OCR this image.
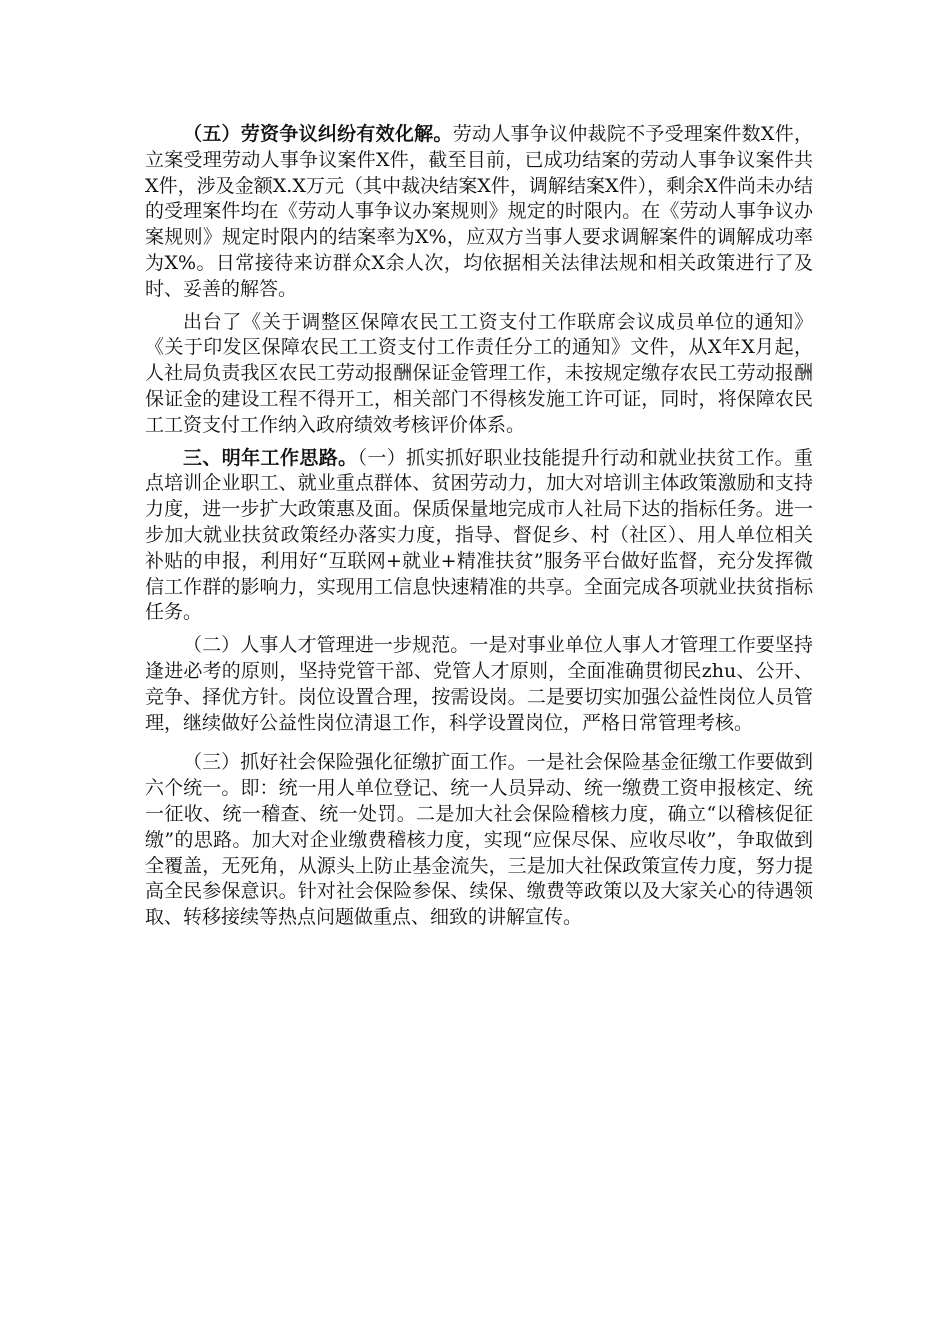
（五）劳资争议纠纷有效化解。劳动人事争议仲裁院不予受理案件数X件，立案受理劳动人事争议案件X件，截至目前，已成功结案的劳动人事争议案件共X件，涉及金额X.X万元（其中裁决结案X件，调解结案X件），剩余X件尚未办结的受理案件均在《劳动人事争议办案规则》规定的时限内。在《劳动人事争议办案规则》规定时限内的结案率为X%，应双方当事人要求调解案件的调解成功率为X%。日常接待来访群众X余人次，均依据相关法律法规和相关政策进行了及时、妥善的解答。

出台了《关于调整区保障农民工工资支付工作联席会议成员单位的通知》《关于印发区保障农民工工资支付工作责任分工的通知》文件，从X年X月起，人社局负责我区农民工劳动报酬保证金管理工作，未按规定缴存农民工劳动报酬保证金的建设工程不得开工，相关部门不得核发施工许可证，同时，将保障农民工工资支付工作纳入政府绩效考核评价体系。

三、明年工作思路。（一）抓实抓好职业技能提升行动和就业扶贫工作。重点培训企业职工、就业重点群体、贫困劳动力，加大对培训主体政策激励和支持力度，进一步扩大政策惠及面。保质保量地完成市人社局下达的指标任务。进一步加大就业扶贫政策经办落实力度，指导、督促乡、村（社区）、用人单位相关补贴的申报，利用好“互联网+就业+精准扶贫”服务平台做好监督，充分发挥微信工作群的影响力，实现用工信息快速精准的共享。全面完成各项就业扶贫指标任务。

（二）人事人才管理进一步规范。一是对事业单位人事人才管理工作要坚持逢进必考的原则，坚持党管干部、党管人才原则，全面准确贯彻民zhu、公开、竞争、择优方针。岗位设置合理，按需设岗。二是要切实加强公益性岗位人员管理，继续做好公益性岗位清退工作，科学设置岗位，严格日常管理考核。

（三）抓好社会保险强化征缴扩面工作。一是社会保险基金征缴工作要做到六个统一。即：统一用人单位登记、统一人员异动、统一缴费工资申报核定、统一征收、统一稽查、统一处罚。二是加大社会保险稽核力度，确立“以稽核促征缴”的思路。加大对企业缴费稽核力度，实现“应保尽保、应收尽收”，争取做到全覆盖，无死角，从源头上防止基金流失，三是加大社保政策宣传力度，努力提高全民参保意识。针对社会保险参保、续保、缴费等政策以及大家关心的待遇领取、转移接续等热点问题做重点、细致的讲解宣传。
